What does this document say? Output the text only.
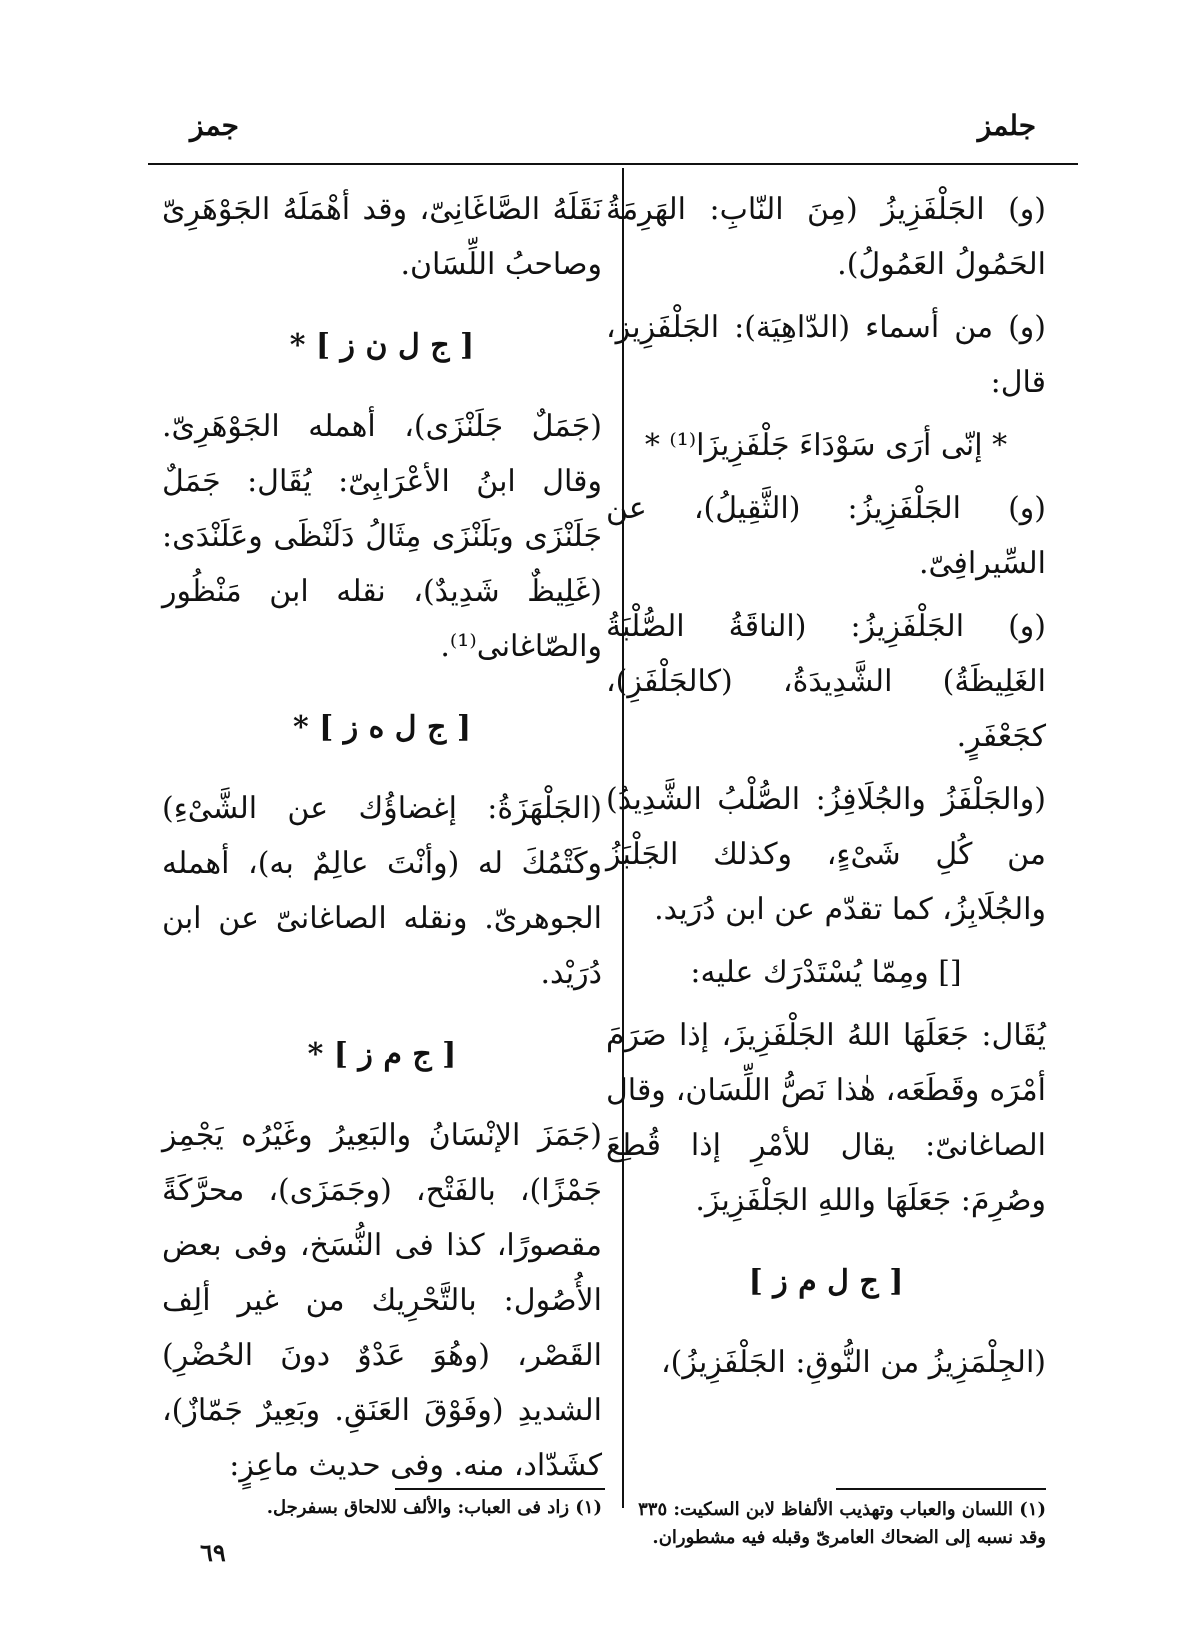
جلمز
جمز

(و) الجَلْفَزِيزُ (مِنَ النّابِ: الهَرِمَةُ الحَمُولُ العَمُولُ).

(و) من أسماء (الدّاهِيَة): الجَلْفَزِيز، قال:

* إنّى أرَى سَوْدَاءَ جَلْفَزِيزَا⁽¹⁾ *

(و) الجَلْفَزِيزُ: (الثَّقِيلُ)، عن السِّيرافِىّ.

(و) الجَلْفَزِيزُ: (الناقَةُ الصُّلْبَةُ الغَلِيظَةُ) الشَّدِيدَةُ، (كالجَلْفَزِ)، كجَعْفَرٍ.

(والجَلْفَزُ والجُلَافِزُ: الصُّلْبُ الشَّدِيدُ) من كُلِ شَىْءٍ، وكذلك الجَلْبَزُ والجُلَابِزُ، كما تقدّم عن ابن دُرَيد.

[] ومِمّا يُسْتَدْرَك عليه:

يُقَال: جَعَلَهَا اللهُ الجَلْفَزِيزَ، إذا صَرَمَ أمْرَه وقَطَعَه، هٰذا نَصُّ اللِّسَان، وقال الصاغانىّ: يقال للأمْرِ إذا قُطِعَ وصُرِمَ: جَعَلَهَا واللهِ الجَلْفَزِيزَ.

[ ج ل م ز ]

(الجِلْمَزِيزُ من النُّوقِ: الجَلْفَزِيزُ)،

نَقَلَهُ الصَّاغَانِىّ، وقد أهْمَلَهُ الجَوْهَرِىّ وصاحبُ اللِّسَان.

[ ج ل ن ز ] *

(جَمَلٌ جَلَنْزَى)، أهمله الجَوْهَرِىّ. وقال ابنُ الأعْرَابِىّ: يُقَال: جَمَلٌ جَلَنْزَى وبَلَنْزَى مِثَالُ دَلَنْظَى وعَلَنْدَى: (غَلِيظٌ شَدِيدٌ)، نقله ابن مَنْظُور والصّاغانى⁽¹⁾.

[ ج ل ه ز ] *

(الجَلْهَزَةُ: إغضاؤُك عن الشَّىْءِ) وكَتْمُكَ له (وأنْتَ عالِمٌ به)، أهمله الجوهرىّ. ونقله الصاغانىّ عن ابن دُرَيْد.

[ ج م ز ] *

(جَمَزَ الإنْسَانُ والبَعِيرُ وغَيْرُه يَجْمِز جَمْزًا)، بالفَتْح، (وجَمَزَى)، محرَّكَةً مقصورًا، كذا فى النُّسَخ، وفى بعض الأُصُول: بالتَّحْرِيك من غير ألِف القَصْر، (وهُوَ عَدْوٌ دونَ الحُضْرِ) الشديدِ (وفَوْقَ العَنَقِ. وبَعِيرٌ جَمّازٌ)، كشَدّاد، منه. وفى حديث ماعِزٍ:

(١) اللسان والعباب وتهذيب الألفاظ لابن السكيت: ٣٣٥
وقد نسبه إلى الضحاك العامرىّ وقبله فيه مشطوران.
(١) زاد فى العباب: والألف للالحاق بسفرجل.
٦٩
